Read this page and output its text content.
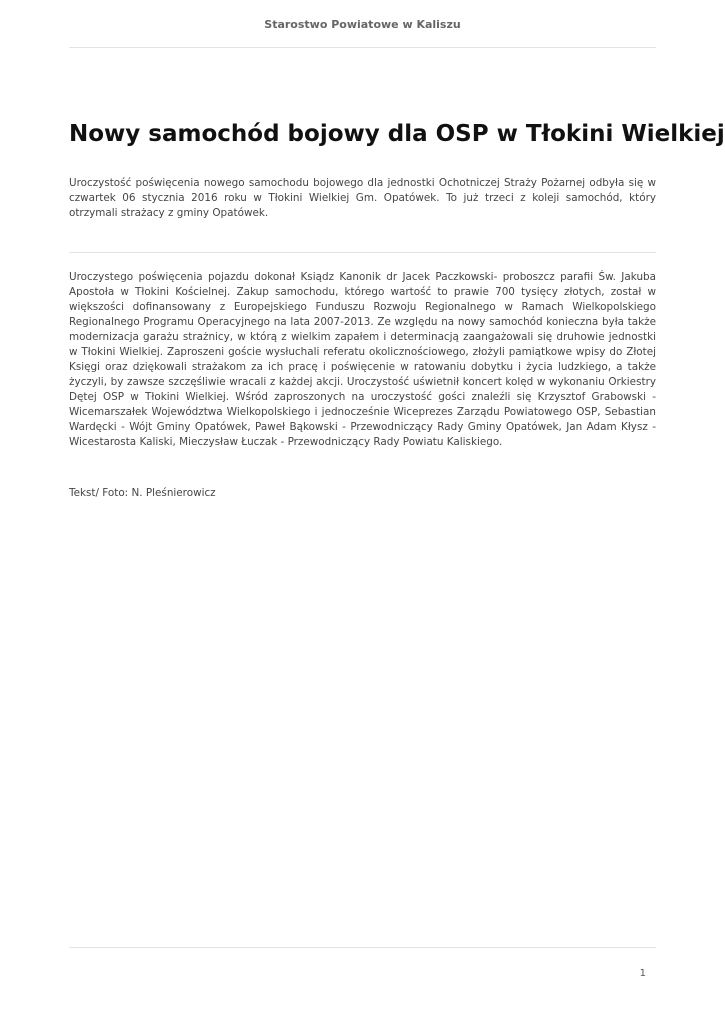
Starostwo Powiatowe w Kaliszu
Nowy samochód bojowy dla OSP w Tłokini Wielkiej

Uroczystość poświęcenia nowego samochodu bojowego dla jednostki Ochotniczej Straży Pożarnej odbyła się w czwartek 06 stycznia 2016 roku w Tłokini Wielkiej Gm. Opatówek. To już trzeci z kolejі samochód, który otrzymali strażacy z gminy Opatówek.

Uroczystego poświęcenia pojazdu dokonał Ksiądz Kanonik dr Jacek Paczkowski- proboszcz parafii Św. Jakuba Apostoła w Tłokini Kościelnej. Zakup samochodu, którego wartość to prawie 700 tysięcy złotych, został w większości dofinansowany z Europejskiego Funduszu Rozwoju Regionalnego w Ramach Wielkopolskiego Regionalnego Programu Operacyjnego na lata 2007-2013. Ze względu na nowy samochód konieczna była także modernizacja garażu strażnicy, w którą z wielkim zapałem i determinacją zaangażowali się druhowie jednostki w Tłokini Wielkiej. Zaproszeni goście wysłuchali referatu okolicznościowego, złożyli pamiątkowe wpisy do Złotej Księgi oraz dziękowali strażakom za ich pracę i poświęcenie w ratowaniu dobytku i życia ludzkiego, a także życzyli, by zawsze szczęśliwie wracali z każdej akcji. Uroczystość uświetnił koncert kolęd w wykonaniu Orkiestry Dętej OSP w Tłokini Wielkiej. Wśród zaproszonych na uroczystość gości znaleźli się Krzysztof Grabowski - Wicemarszałek Województwa Wielkopolskiego i jednocześnie Wiceprezes Zarządu Powiatowego OSP, Sebastian Wardęcki - Wójt Gminy Opatówek, Paweł Bąkowski - Przewodniczący Rady Gminy Opatówek, Jan Adam Kłysz - Wicestarosta Kaliski, Mieczysław Łuczak - Przewodniczący Rady Powiatu Kaliskiego.

Tekst/ Foto: N. Pleśnierowicz

1
